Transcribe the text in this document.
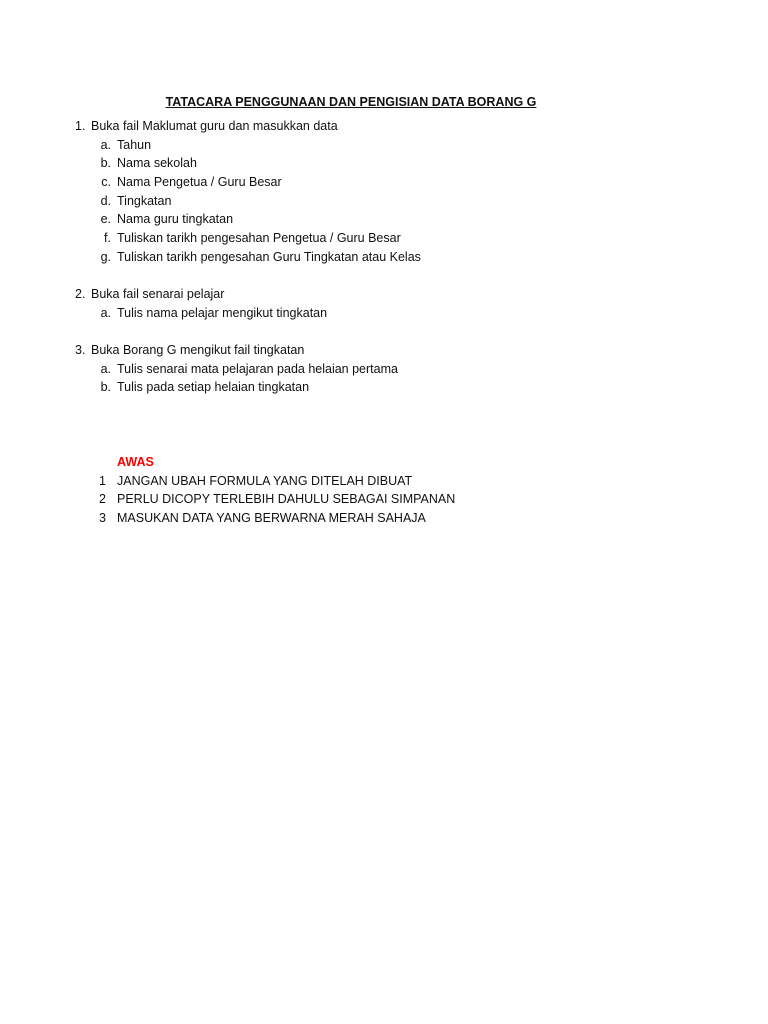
TATACARA PENGGUNAAN DAN PENGISIAN DATA BORANG G
1. Buka fail Maklumat guru dan masukkan data
a. Tahun
b. Nama sekolah
c. Nama Pengetua / Guru Besar
d. Tingkatan
e. Nama guru tingkatan
f. Tuliskan tarikh pengesahan Pengetua / Guru Besar
g. Tuliskan tarikh pengesahan Guru Tingkatan atau Kelas
2. Buka fail senarai pelajar
a. Tulis nama pelajar mengikut tingkatan
3. Buka Borang G mengikut fail tingkatan
a. Tulis senarai mata pelajaran pada helaian pertama
b. Tulis pada setiap helaian tingkatan
AWAS
1 JANGAN UBAH FORMULA YANG DITELAH DIBUAT
2 PERLU DICOPY TERLEBIH DAHULU SEBAGAI SIMPANAN
3 MASUKAN DATA YANG BERWARNA MERAH SAHAJA
